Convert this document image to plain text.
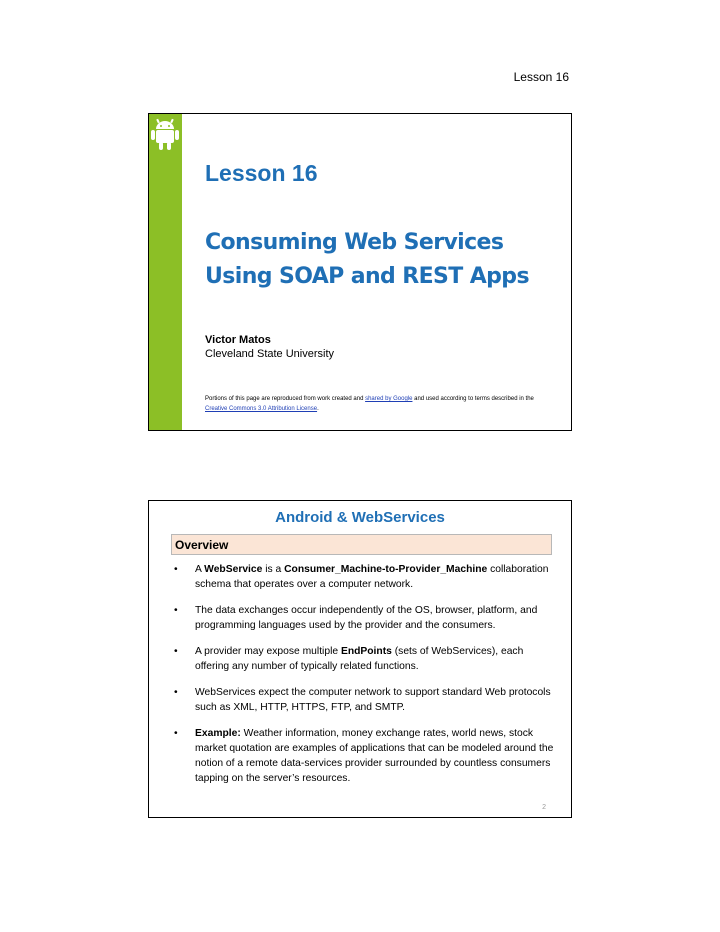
Lesson 16
Lesson 16
Consuming Web Services
Using SOAP and REST Apps
Victor Matos
Cleveland State University
Portions of this page are reproduced from work created and shared by Google and used according to terms described in the Creative Commons 3.0 Attribution License.
Android & WebServices
Overview
• A WebService is a Consumer_Machine-to-Provider_Machine collaboration schema that operates over a computer network.
• The data exchanges occur independently of the OS, browser, platform, and programming languages used by the provider and the consumers.
• A provider may expose multiple EndPoints (sets of WebServices), each offering any number of typically related functions.
• WebServices expect the computer network to support standard Web protocols such as XML, HTTP, HTTPS, FTP, and SMTP.
• Example: Weather information, money exchange rates, world news, stock market quotation are examples of applications that can be modeled around the notion of a remote data-services provider surrounded by countless consumers tapping on the server’s resources.
2
